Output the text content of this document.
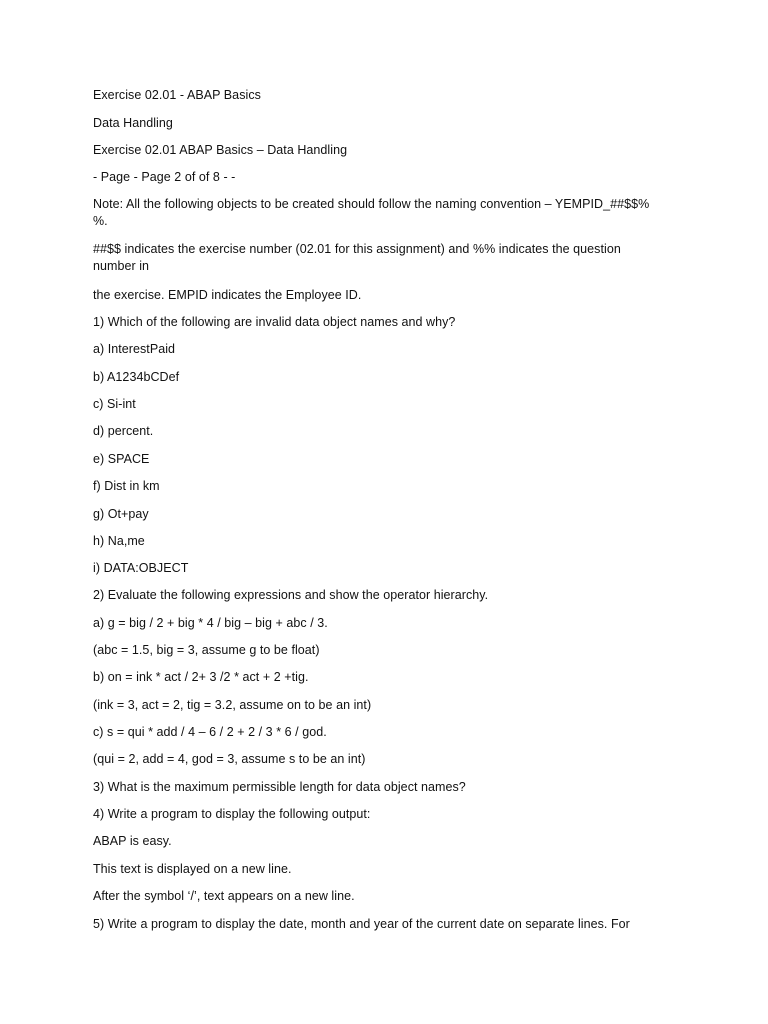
Exercise 02.01 - ABAP Basics
Data Handling
Exercise 02.01 ABAP Basics – Data Handling
- Page - Page 2 of of 8 - -
Note: All the following objects to be created should follow the naming convention – YEMPID_##$$% %.
##$$ indicates the exercise number (02.01 for this assignment) and %% indicates the question number in
the exercise. EMPID indicates the Employee ID.
1) Which of the following are invalid data object names and why?
a) InterestPaid
b) A1234bCDef
c) Si-int
d) percent.
e) SPACE
f) Dist in km
g) Ot+pay
h) Na,me
i) DATA:OBJECT
2) Evaluate the following expressions and show the operator hierarchy.
a) g = big / 2 + big * 4 / big – big + abc / 3.
(abc = 1.5, big = 3, assume g to be float)
b) on = ink * act / 2+ 3 /2 * act + 2 +tig.
(ink = 3, act = 2, tig = 3.2, assume on to be an int)
c) s = qui * add / 4 – 6 / 2 + 2 / 3 * 6 / god.
(qui = 2, add = 4, god = 3, assume s to be an int)
3) What is the maximum permissible length for data object names?
4) Write a program to display the following output:
ABAP is easy.
This text is displayed on a new line.
After the symbol ‘/’, text appears on a new line.
5) Write a program to display the date, month and year of the current date on separate lines. For
